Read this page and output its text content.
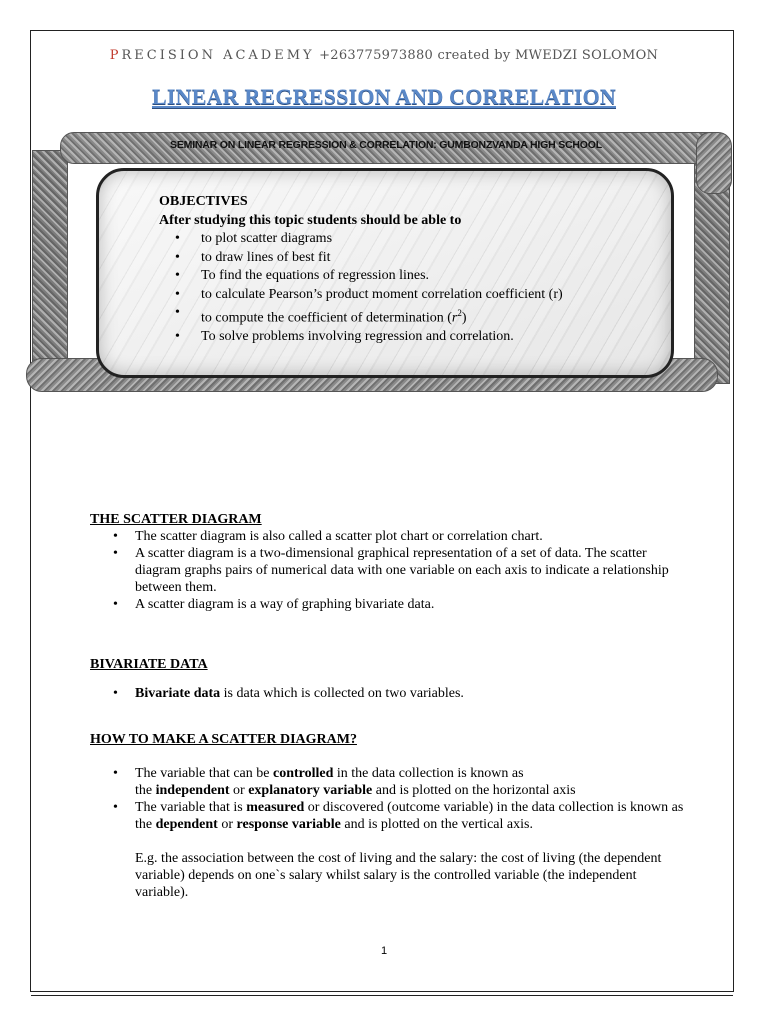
PRECISION ACADEMY +263775973880 created by MWEDZI SOLOMON
LINEAR REGRESSION AND CORRELATION
SEMINAR ON LINEAR REGRESSION & CORRELATION: GUMBONZVANDA HIGH SCHOOL
OBJECTIVES
After studying this topic students should be able to
• to plot scatter diagrams
• to draw lines of best fit
• To find the equations of regression lines.
• to calculate Pearson’s product moment correlation coefficient (r)
• to compute the coefficient of determination $(r^2)$
• To solve problems involving regression and correlation.
THE SCATTER DIAGRAM
• The scatter diagram is also called a scatter plot chart or correlation chart.
• A scatter diagram is a two-dimensional graphical representation of a set of data. The scatter diagram graphs pairs of numerical data with one variable on each axis to indicate a relationship between them.
• A scatter diagram is a way of graphing bivariate data.
BIVARIATE DATA
• Bivariate data is data which is collected on two variables.
HOW TO MAKE A SCATTER DIAGRAM?
• The variable that can be controlled in the data collection is known as
the independent or explanatory variable and is plotted on the horizontal axis
• The variable that is measured or discovered (outcome variable) in the data collection is known as the dependent or response variable and is plotted on the vertical axis.
E.g. the association between the cost of living and the salary: the cost of living (the dependent variable) depends on one`s salary whilst salary is the controlled variable (the independent variable).
1
